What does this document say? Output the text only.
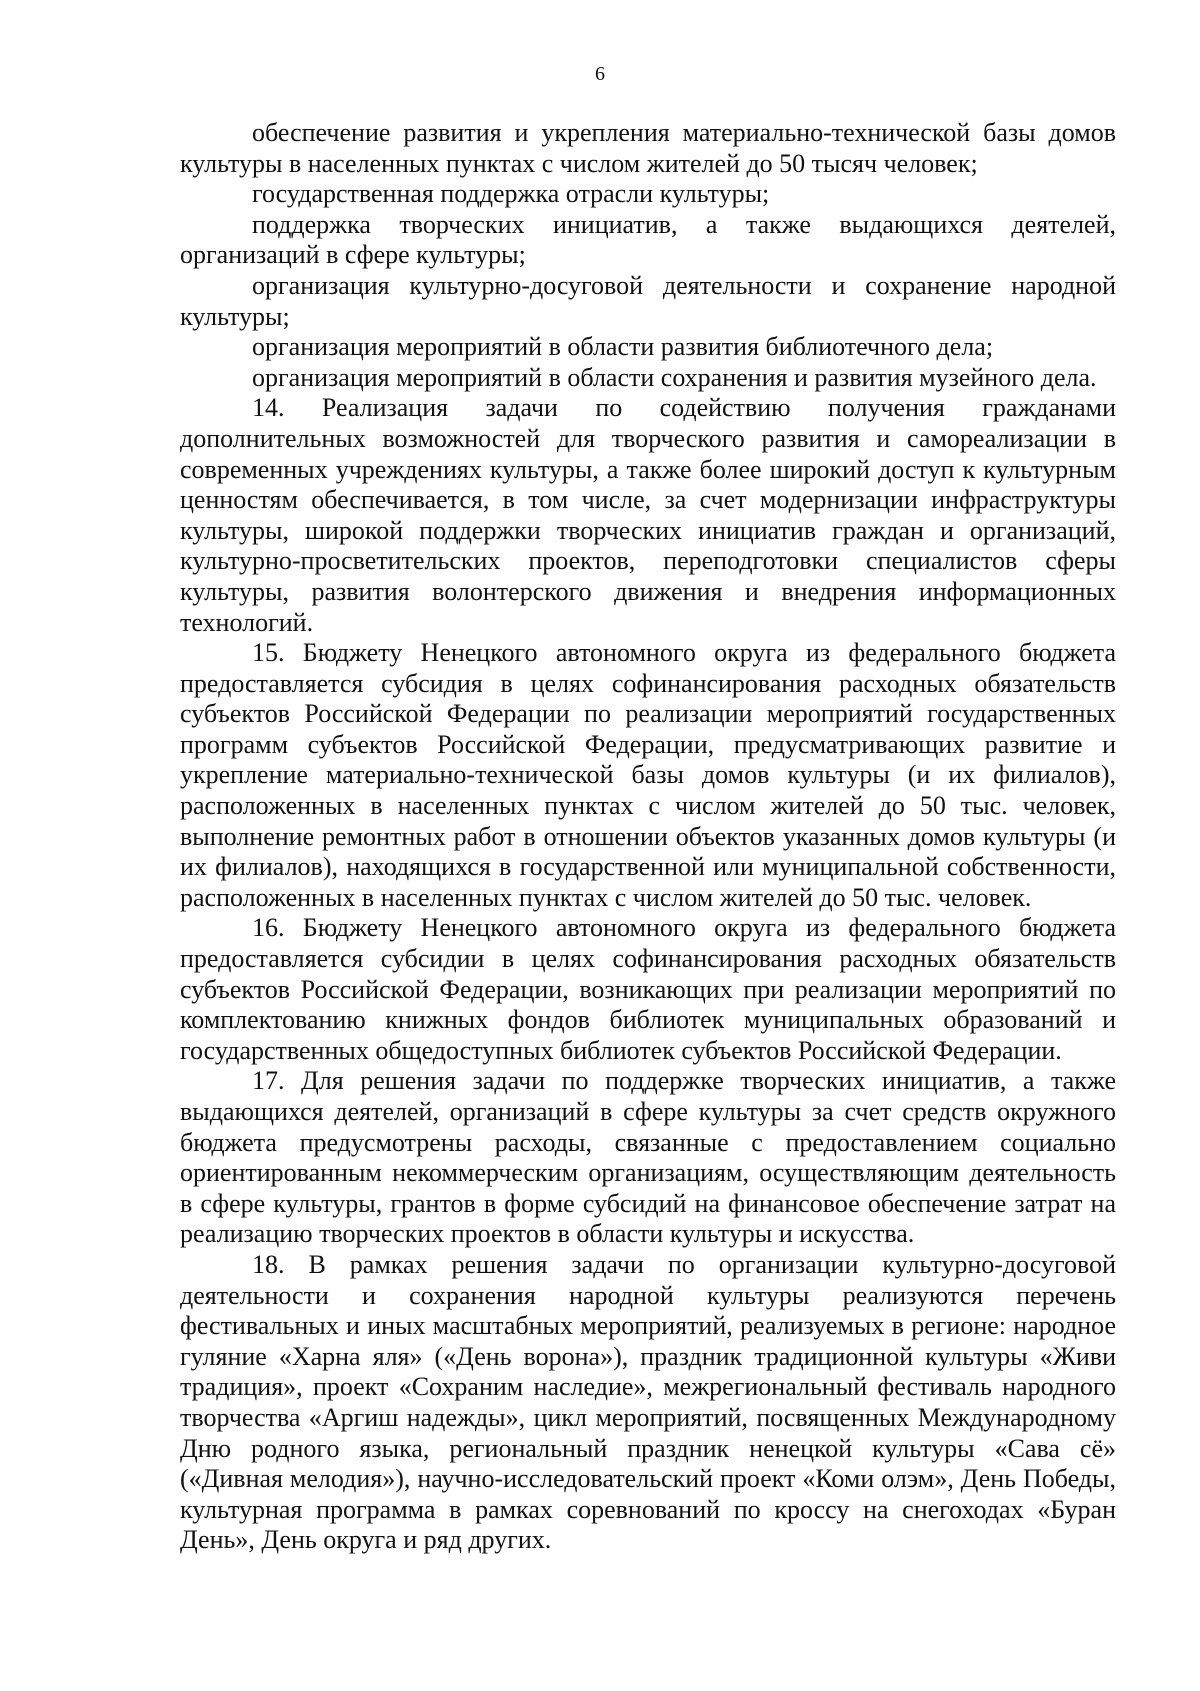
6

обеспечение развития и укрепления материально-технической базы домов культуры в населенных пунктах с числом жителей до 50 тысяч человек;

государственная поддержка отрасли культуры;

поддержка творческих инициатив, а также выдающихся деятелей, организаций в сфере культуры;

организация культурно-досуговой деятельности и сохранение народной культуры;

организация мероприятий в области развития библиотечного дела;

организация мероприятий в области сохранения и развития музейного дела.

14. Реализация задачи по содействию получения гражданами дополнительных возможностей для творческого развития и самореализации в современных учреждениях культуры, а также более широкий доступ к культурным ценностям обеспечивается, в том числе, за счет модернизации инфраструктуры культуры, широкой поддержки творческих инициатив граждан и организаций, культурно-просветительских проектов, переподготовки специалистов сферы культуры, развития волонтерского движения и внедрения информационных технологий.

15. Бюджету Ненецкого автономного округа из федерального бюджета предоставляется субсидия в целях софинансирования расходных обязательств субъектов Российской Федерации по реализации мероприятий государственных программ субъектов Российской Федерации, предусматривающих развитие и укрепление материально-технической базы домов культуры (и их филиалов), расположенных в населенных пунктах с числом жителей до 50 тыс. человек, выполнение ремонтных работ в отношении объектов указанных домов культуры (и их филиалов), находящихся в государственной или муниципальной собственности, расположенных в населенных пунктах с числом жителей до 50 тыс. человек.

16. Бюджету Ненецкого автономного округа из федерального бюджета предоставляется субсидии в целях софинансирования расходных обязательств субъектов Российской Федерации, возникающих при реализации мероприятий по комплектованию книжных фондов библиотек муниципальных образований и государственных общедоступных библиотек субъектов Российской Федерации.

17. Для решения задачи по поддержке творческих инициатив, а также выдающихся деятелей, организаций в сфере культуры за счет средств окружного бюджета предусмотрены расходы, связанные с предоставлением социально ориентированным некоммерческим организациям, осуществляющим деятельность в сфере культуры, грантов в форме субсидий на финансовое обеспечение затрат на реализацию творческих проектов в области культуры и искусства.

18. В рамках решения задачи по организации культурно-досуговой деятельности и сохранения народной культуры реализуются перечень фестивальных и иных масштабных мероприятий, реализуемых в регионе: народное гуляние «Харна яля» («День ворона»), праздник традиционной культуры «Живи традиция», проект «Сохраним наследие», межрегиональный фестиваль народного творчества «Аргиш надежды», цикл мероприятий, посвященных Международному Дню родного языка, региональный праздник ненецкой культуры «Сава сё» («Дивная мелодия»), научно-исследовательский проект «Коми олэм», День Победы, культурная программа в рамках соревнований по кроссу на снегоходах «Буран День», День округа и ряд других.
